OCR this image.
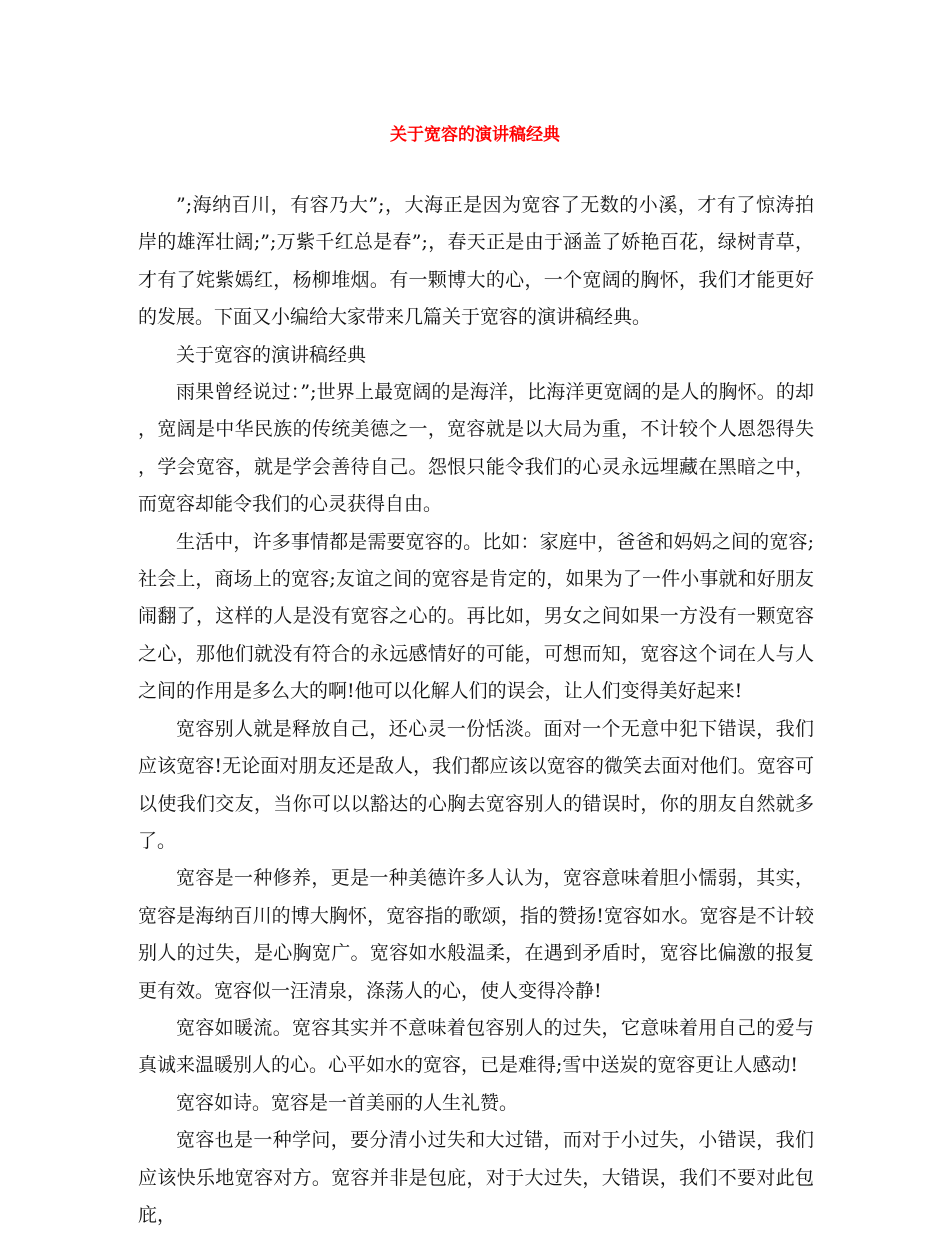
关于宽容的演讲稿经典

”;海纳百川，有容乃大”;，大海正是因为宽容了无数的小溪，才有了惊涛拍岸的雄浑壮阔;”;万紫千红总是春”;，春天正是由于涵盖了娇艳百花，绿树青草，才有了姹紫嫣红，杨柳堆烟。有一颗博大的心，一个宽阔的胸怀，我们才能更好的发展。下面又小编给大家带来几篇关于宽容的演讲稿经典。

关于宽容的演讲稿经典

雨果曾经说过：”;世界上最宽阔的是海洋，比海洋更宽阔的是人的胸怀。的却，宽阔是中华民族的传统美德之一，宽容就是以大局为重，不计较个人恩怨得失，学会宽容，就是学会善待自己。怨恨只能令我们的心灵永远埋藏在黑暗之中，而宽容却能令我们的心灵获得自由。

生活中，许多事情都是需要宽容的。比如：家庭中，爸爸和妈妈之间的宽容;社会上，商场上的宽容;友谊之间的宽容是肯定的，如果为了一件小事就和好朋友闹翻了，这样的人是没有宽容之心的。再比如，男女之间如果一方没有一颗宽容之心，那他们就没有符合的永远感情好的可能，可想而知，宽容这个词在人与人之间的作用是多么大的啊!他可以化解人们的误会，让人们变得美好起来!

宽容别人就是释放自己，还心灵一份恬淡。面对一个无意中犯下错误，我们应该宽容!无论面对朋友还是敌人，我们都应该以宽容的微笑去面对他们。宽容可以使我们交友，当你可以以豁达的心胸去宽容别人的错误时，你的朋友自然就多了。

宽容是一种修养，更是一种美德许多人认为，宽容意味着胆小懦弱，其实，宽容是海纳百川的博大胸怀，宽容指的歌颂，指的赞扬!宽容如水。宽容是不计较别人的过失，是心胸宽广。宽容如水般温柔，在遇到矛盾时，宽容比偏激的报复更有效。宽容似一汪清泉，涤荡人的心，使人变得冷静!

宽容如暖流。宽容其实并不意味着包容别人的过失，它意味着用自己的爱与真诚来温暖别人的心。心平如水的宽容，已是难得;雪中送炭的宽容更让人感动!

宽容如诗。宽容是一首美丽的人生礼赞。

宽容也是一种学问，要分清小过失和大过错，而对于小过失，小错误，我们应该快乐地宽容对方。宽容并非是包庇，对于大过失，大错误，我们不要对此包庇，
